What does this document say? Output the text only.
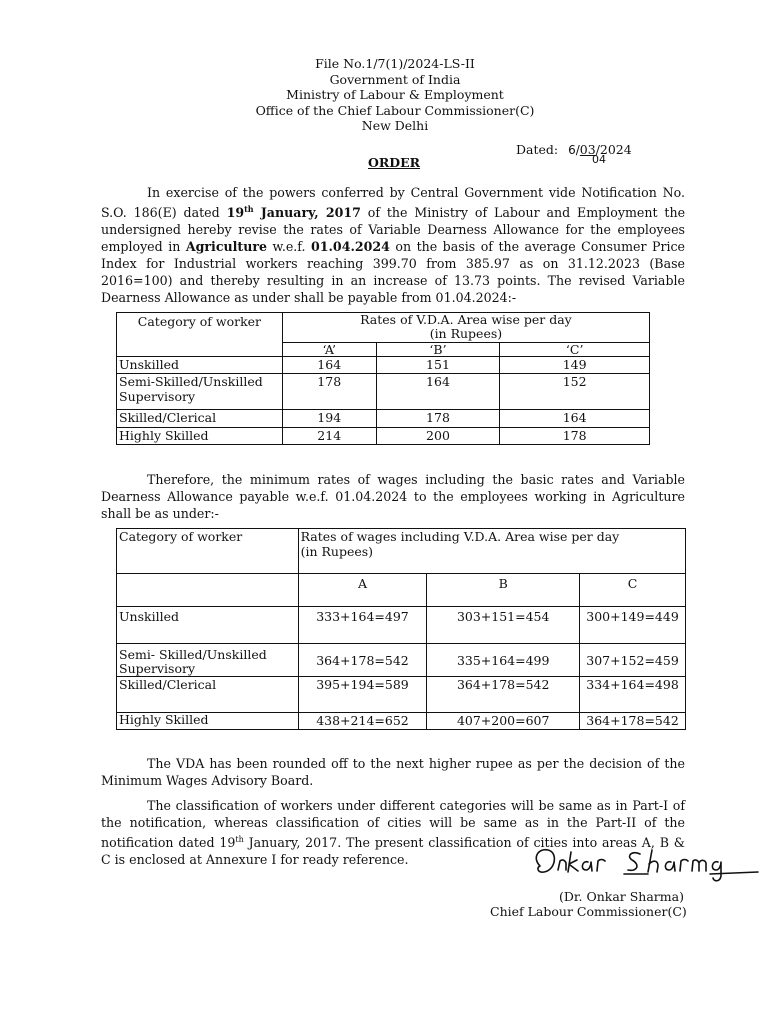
File No.1/7(1)/2024-LS-II
Government of India
Ministry of Labour & Employment
Office of the Chief Labour Commissioner(C)
New Delhi
Dated: 6/03/2024
04
ORDER

In exercise of the powers conferred by Central Government vide Notification No. S.O. 186(E) dated 19th January, 2017 of the Ministry of Labour and Employment the undersigned hereby revise the rates of Variable Dearness Allowance for the employees employed in Agriculture w.e.f. 01.04.2024 on the basis of the average Consumer Price Index for Industrial workers reaching 399.70 from 385.97 as on 31.12.2023 (Base 2016=100) and thereby resulting in an increase of 13.73 points. The revised Variable Dearness Allowance as under shall be payable from 01.04.2024:-

Category of worker	Rates of V.D.A. Area wise per day
(in Rupees)		

	‘A’	‘B’	‘C’
Unskilled	164	151	149
Semi-Skilled/Unskilled Supervisory	178	164	152
Skilled/Clerical	194	178	164
Highly Skilled	214	200	178

Therefore, the minimum rates of wages including the basic rates and Variable Dearness Allowance payable w.e.f. 01.04.2024 to the employees working in Agriculture shall be as under:-

Category of worker	Rates of wages including V.D.A. Area wise per day
(in Rupees)		

	A	B	C
Unskilled	333+164=497	303+151=454	300+149=449
Semi- Skilled/Unskilled Supervisory	364+178=542	335+164=499	307+152=459
Skilled/Clerical	395+194=589	364+178=542	334+164=498
Highly Skilled	438+214=652	407+200=607	364+178=542

The VDA has been rounded off to the next higher rupee as per the decision of the Minimum Wages Advisory Board.

The classification of workers under different categories will be same as in Part-I of the notification, whereas classification of cities will be same as in the Part-II of the notification dated 19th January, 2017. The present classification of cities into areas A, B & C is enclosed at Annexure I for ready reference.

(Dr. Onkar Sharma)
Chief Labour Commissioner(C)
